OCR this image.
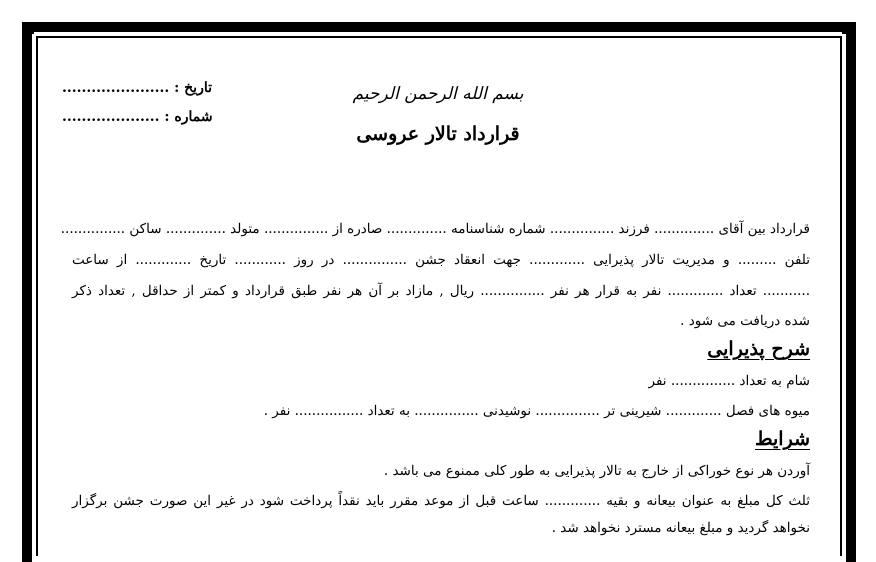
تاریخ : ......................
شماره : ....................
بسم الله الرحمن الرحیم
قرارداد تالار عروسی
قرارداد بین آقای .............. فرزند ............... شماره شناسنامه .............. صادره از ............... متولد .............. ساکن ...............
تلفن ......... و مدیریت تالار پذیرایی ............. جهت انعقاد جشن ............... در روز ............ تاریخ ............. از ساعت
........... تعداد ............. نفر به قرار هر نفر ............... ریال , مازاد بر آن هر نفر طبق قرارداد و کمتر از حداقل , تعداد ذکر
شده دریافت می شود .
شرح پذیرایی
شام به تعداد ............... نفر
میوه های فصل ............. شیرینی تر ............... نوشیدنی ............... به تعداد ................ نفر .
شرایط
آوردن هر نوع خوراکی از خارج به تالار پذیرایی به طور کلی ممنوع می باشد .
ثلث کل مبلغ به عنوان بیعانه و بقیه ............. ساعت قبل از موعد مقرر باید نقداً پرداخت شود در غیر این صورت جشن برگزار
نخواهد گردید و مبلغ بیعانه مسترد نخواهد شد .
